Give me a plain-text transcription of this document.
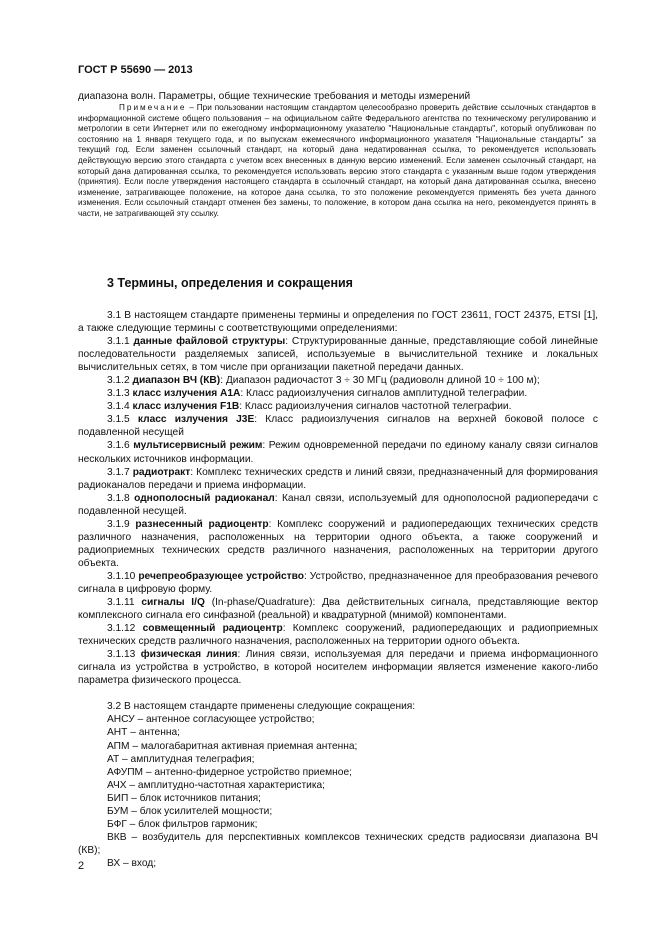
ГОСТ Р 55690 — 2013
диапазона волн. Параметры, общие технические требования и методы измерений
Примечание – При пользовании настоящим стандартом целесообразно проверить действие ссылочных стандартов в информационной системе общего пользования – на официальном сайте Федерального агентства по техническому регулированию и метрологии в сети Интернет или по ежегодному информационному указателю "Национальные стандарты", который опубликован по состоянию на 1 января текущего года, и по выпускам ежемесячного информационного указателя "Национальные стандарты" за текущий год. Если заменен ссылочный стандарт, на который дана недатированная ссылка, то рекомендуется использовать действующую версию этого стандарта с учетом всех внесенных в данную версию изменений. Если заменен ссылочный стандарт, на который дана датированная ссылка, то рекомендуется использовать версию этого стандарта с указанным выше годом утверждения (принятия). Если после утверждения настоящего стандарта в ссылочный стандарт, на который дана датированная ссылка, внесено изменение, затрагивающее положение, на которое дана ссылка, то это положение рекомендуется применять без учета данного изменения. Если ссылочный стандарт отменен без замены, то положение, в котором дана ссылка на него, рекомендуется принять в части, не затрагивающей эту ссылку.
3 Термины, определения и сокращения

3.1 В настоящем стандарте применены термины и определения по ГОСТ 23611, ГОСТ 24375, ETSI [1], а также следующие термины с соответствующими определениями:

3.1.1 данные файловой структуры: Структурированные данные, представляющие собой линейные последовательности разделяемых записей, используемые в вычислительной технике и локальных вычислительных сетях, в том числе при организации пакетной передачи данных.

3.1.2 диапазон ВЧ (КВ): Диапазон радиочастот 3 ÷ 30 МГц (радиоволн длиной 10 ÷ 100 м);

3.1.3 класс излучения А1А: Класс радиоизлучения сигналов амплитудной телеграфии.

3.1.4 класс излучения F1B: Класс радиоизлучения сигналов частотной телеграфии.

3.1.5 класс излучения J3E: Класс радиоизлучения сигналов на верхней боковой полосе с подавленной несущей

3.1.6 мультисервисный режим: Режим одновременной передачи по единому каналу связи сигналов нескольких источников информации.

3.1.7 радиотракт: Комплекс технических средств и линий связи, предназначенный для формирования радиоканалов передачи и приема информации.

3.1.8 однополосный радиоканал: Канал связи, используемый для однополосной радиопередачи с подавленной несущей.

3.1.9 разнесенный радиоцентр: Комплекс сооружений и радиопередающих технических средств различного назначения, расположенных на территории одного объекта, а также сооружений и радиоприемных технических средств различного назначения, расположенных на территории другого объекта.

3.1.10 речепреобразующее устройство: Устройство, предназначенное для преобразования речевого сигнала в цифровую форму.

3.1.11 сигналы I/Q (In-phase/Quadrature): Два действительных сигнала, представляющие вектор комплексного сигнала его синфазной (реальной) и квадратурной (мнимой) компонентами.

3.1.12 совмещенный радиоцентр: Комплекс сооружений, радиопередающих и радиоприемных технических средств различного назначения, расположенных на территории одного объекта.

3.1.13 физическая линия: Линия связи, используемая для передачи и приема информационного сигнала из устройства в устройство, в которой носителем информации является изменение какого-либо параметра физического процесса.

3.2 В настоящем стандарте применены следующие сокращения:

АНСУ – антенное согласующее устройство;

АНТ – антенна;

АПМ – малогабаритная активная приемная антенна;

АТ – амплитудная телеграфия;

АФУПМ – антенно-фидерное устройство приемное;

АЧХ – амплитудно-частотная характеристика;

БИП – блок источников питания;

БУМ – блок усилителей мощности;

БФГ – блок фильтров гармоник;

ВКВ – возбудитель для перспективных комплексов технических средств радиосвязи диапазона ВЧ (КВ);

ВХ – вход;

2
